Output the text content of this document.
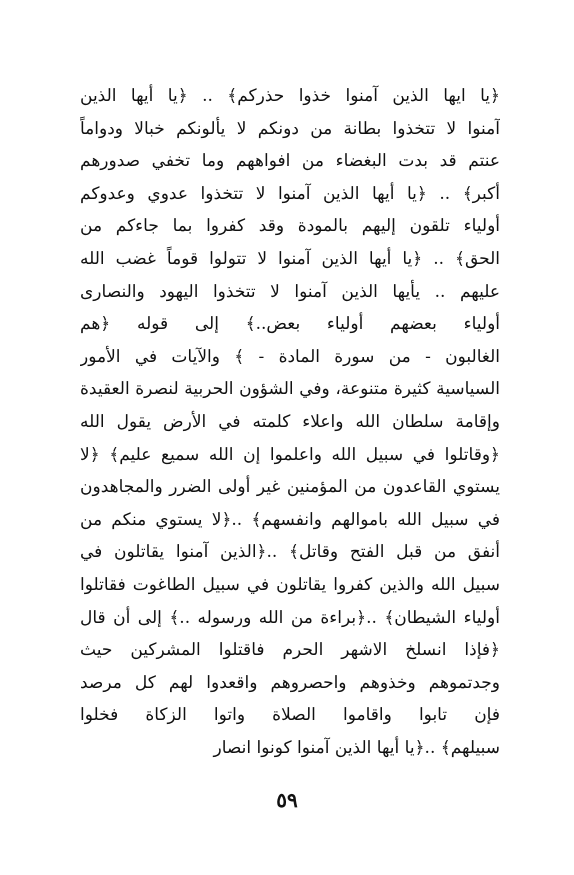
﴿يا ايها الذين آمنوا خذوا حذركم﴾ .. ﴿يا أيها الذين
آمنوا لا تتخذوا بطانة من دونكم لا يألونكم خبالا ودواماً
عنتم قد بدت البغضاء من افواههم وما تخفي صدورهم
أكبر﴾ .. ﴿يا أيها الذين آمنوا لا تتخذوا عدوي وعدوكم
أولياء تلقون إليهم بالمودة وقد كفروا بما جاءكم من
الحق﴾ .. ﴿يا أيها الذين آمنوا لا تتولوا قوماً غضب الله
عليهم .. يأيها الذين آمنوا لا تتخذوا اليهود والنصارى
أولياء بعضهم أولياء بعض..﴾ إلى قوله ﴿هم
الغالبون - من سورة المادة - ﴾ والآيات في الأمور
السياسية كثيرة متنوعة، وفي الشؤون الحربية لنصرة العقيدة
وإقامة سلطان الله واعلاء كلمته في الأرض يقول الله
﴿وقاتلوا في سبيل الله واعلموا إن الله سميع عليم﴾ ﴿لا
يستوي القاعدون من المؤمنين غير أولى الضرر والمجاهدون
في سبيل الله باموالهم وانفسهم﴾ ..﴿لا يستوي منكم من
أنفق من قبل الفتح وقاتل﴾ ..﴿الذين آمنوا يقاتلون في
سبيل الله والذين كفروا يقاتلون في سبيل الطاغوت فقاتلوا
أولياء الشيطان﴾ ..﴿براءة من الله ورسوله ..﴾ إلى أن قال
﴿فإذا انسلخ الاشهر الحرم فاقتلوا المشركين حيث
وجدتموهم وخذوهم واحصروهم واقعدوا لهم كل مرصد
فإن تابوا واقاموا الصلاة واتوا الزكاة فخلوا
سبيلهم﴾ ..﴿يا أيها الذين آمنوا كونوا انصار
٥٩
